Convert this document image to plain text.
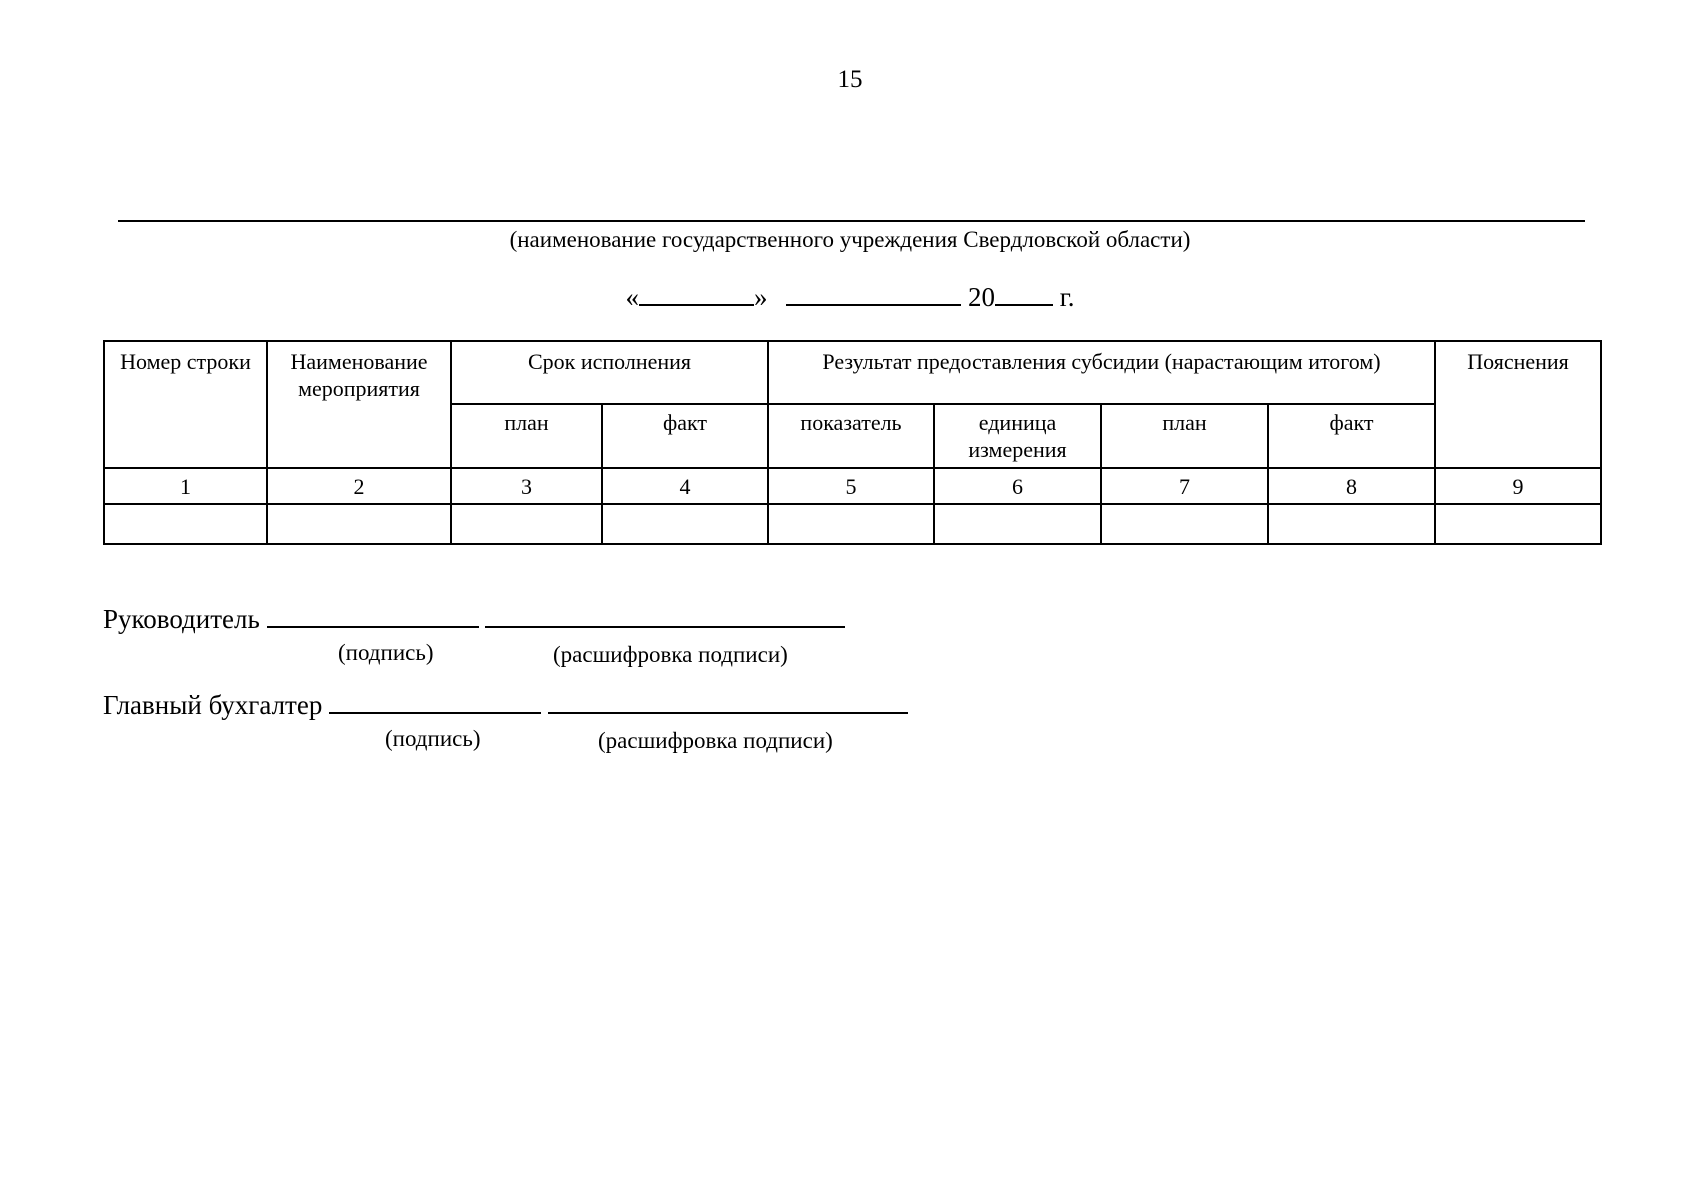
15
(наименование государственного учреждения Свердловской области)
«	»	20 г.
Номер строки	Наименование мероприятия	Срок исполнения		Результат предоставления субсидии (нарастающим итогом)				Пояснения
		план	факт	показатель	единица измерения	план	факт	
1	2	3	4	5	6	7	8	9

Руководитель
(подпись)	(расшифровка подписи)
Главный бухгалтер
(подпись)	(расшифровка подписи)
